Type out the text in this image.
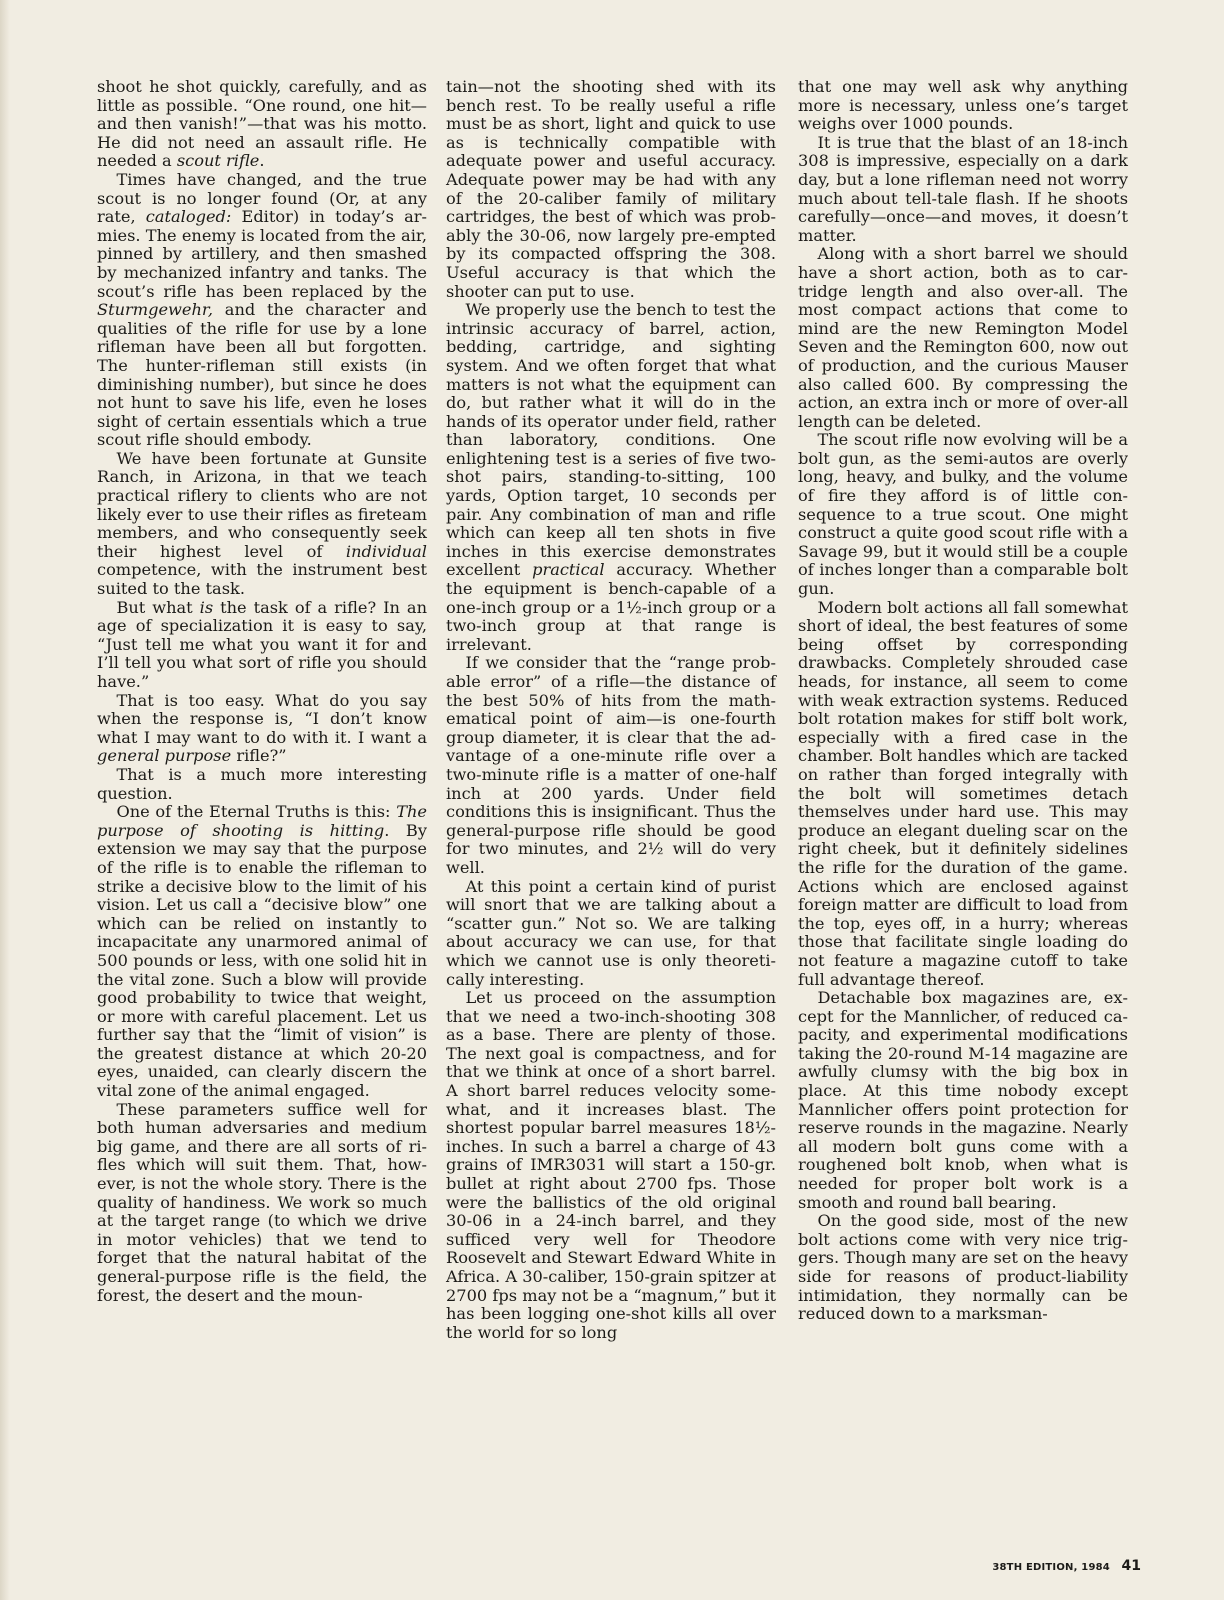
shoot he shot quickly, carefully, and as little as possible. “One round, one hit—and then vanish!”—that was his motto. He did not need an assault rifle. He needed a scout rifle.

Times have changed, and the true scout is no longer found (Or, at any rate, cataloged: Editor) in today’s armies. The enemy is located from the air, pinned by artillery, and then smashed by mechanized infantry and tanks. The scout’s rifle has been replaced by the Sturmgewehr, and the character and qualities of the rifle for use by a lone rifleman have been all but forgotten. The hunter-rifleman still exists (in diminishing number), but since he does not hunt to save his life, even he loses sight of certain essentials which a true scout rifle should embody.

We have been fortunate at Gunsite Ranch, in Arizona, in that we teach practical riflery to clients who are not likely ever to use their rifles as fireteam members, and who consequently seek their highest level of individual competence, with the instrument best suited to the task.

But what is the task of a rifle? In an age of specialization it is easy to say, “Just tell me what you want it for and I’ll tell you what sort of rifle you should have.”

That is too easy. What do you say when the response is, “I don’t know what I may want to do with it. I want a general purpose rifle?”

That is a much more interesting question.

One of the Eternal Truths is this: The purpose of shooting is hitting. By extension we may say that the purpose of the rifle is to enable the rifleman to strike a decisive blow to the limit of his vision. Let us call a “decisive blow” one which can be relied on instantly to incapacitate any unarmored animal of 500 pounds or less, with one solid hit in the vital zone. Such a blow will provide good probability to twice that weight, or more with careful placement. Let us further say that the “limit of vision” is the greatest distance at which 20-20 eyes, unaided, can clearly discern the vital zone of the animal engaged.

These parameters suffice well for both human adversaries and medium big game, and there are all sorts of rifles which will suit them. That, however, is not the whole story. There is the quality of handiness. We work so much at the target range (to which we drive in motor vehicles) that we tend to forget that the natural habitat of the general-purpose rifle is the field, the forest, the desert and the moun-

tain—not the shooting shed with its bench rest. To be really useful a rifle must be as short, light and quick to use as is technically compatible with adequate power and useful accuracy. Adequate power may be had with any of the 20-caliber family of military cartridges, the best of which was probably the 30-06, now largely pre-empted by its compacted offspring the 308. Useful accuracy is that which the shooter can put to use.

We properly use the bench to test the intrinsic accuracy of barrel, action, bedding, cartridge, and sighting system. And we often forget that what matters is not what the equipment can do, but rather what it will do in the hands of its operator under field, rather than laboratory, conditions. One enlightening test is a series of five two-shot pairs, standing-to-sitting, 100 yards, Option target, 10 seconds per pair. Any combination of man and rifle which can keep all ten shots in five inches in this exercise demonstrates excellent practical accuracy. Whether the equipment is bench-capable of a one-inch group or a 1½-inch group or a two-inch group at that range is irrelevant.

If we consider that the “range probable error” of a rifle—the distance of the best 50% of hits from the mathematical point of aim—is one-fourth group diameter, it is clear that the advantage of a one-minute rifle over a two-minute rifle is a matter of one-half inch at 200 yards. Under field conditions this is insignificant. Thus the general-purpose rifle should be good for two minutes, and 2½ will do very well.

At this point a certain kind of purist will snort that we are talking about a “scatter gun.” Not so. We are talking about accuracy we can use, for that which we cannot use is only theoretically interesting.

Let us proceed on the assumption that we need a two-inch-shooting 308 as a base. There are plenty of those. The next goal is compactness, and for that we think at once of a short barrel. A short barrel reduces velocity somewhat, and it increases blast. The shortest popular barrel measures 18½-inches. In such a barrel a charge of 43 grains of IMR3031 will start a 150-gr. bullet at right about 2700 fps. Those were the ballistics of the old original 30-06 in a 24-inch barrel, and they sufficed very well for Theodore Roosevelt and Stewart Edward White in Africa. A 30-caliber, 150-grain spitzer at 2700 fps may not be a “magnum,” but it has been logging one-shot kills all over the world for so long

that one may well ask why anything more is necessary, unless one’s target weighs over 1000 pounds.

It is true that the blast of an 18-inch 308 is impressive, especially on a dark day, but a lone rifleman need not worry much about tell-tale flash. If he shoots carefully—once—and moves, it doesn’t matter.

Along with a short barrel we should have a short action, both as to cartridge length and also over-all. The most compact actions that come to mind are the new Remington Model Seven and the Remington 600, now out of production, and the curious Mauser also called 600. By compressing the action, an extra inch or more of over-all length can be deleted.

The scout rifle now evolving will be a bolt gun, as the semi-autos are overly long, heavy, and bulky, and the volume of fire they afford is of little consequence to a true scout. One might construct a quite good scout rifle with a Savage 99, but it would still be a couple of inches longer than a comparable bolt gun.

Modern bolt actions all fall somewhat short of ideal, the best features of some being offset by corresponding drawbacks. Completely shrouded case heads, for instance, all seem to come with weak extraction systems. Reduced bolt rotation makes for stiff bolt work, especially with a fired case in the chamber. Bolt handles which are tacked on rather than forged integrally with the bolt will sometimes detach themselves under hard use. This may produce an elegant dueling scar on the right cheek, but it definitely sidelines the rifle for the duration of the game. Actions which are enclosed against foreign matter are difficult to load from the top, eyes off, in a hurry; whereas those that facilitate single loading do not feature a magazine cutoff to take full advantage thereof.

Detachable box magazines are, except for the Mannlicher, of reduced capacity, and experimental modifications taking the 20-round M-14 magazine are awfully clumsy with the big box in place. At this time nobody except Mannlicher offers point protection for reserve rounds in the magazine. Nearly all modern bolt guns come with a roughened bolt knob, when what is needed for proper bolt work is a smooth and round ball bearing.

On the good side, most of the new bolt actions come with very nice triggers. Though many are set on the heavy side for reasons of product-liability intimidation, they normally can be reduced down to a marksman-

38TH EDITION, 1984 41
